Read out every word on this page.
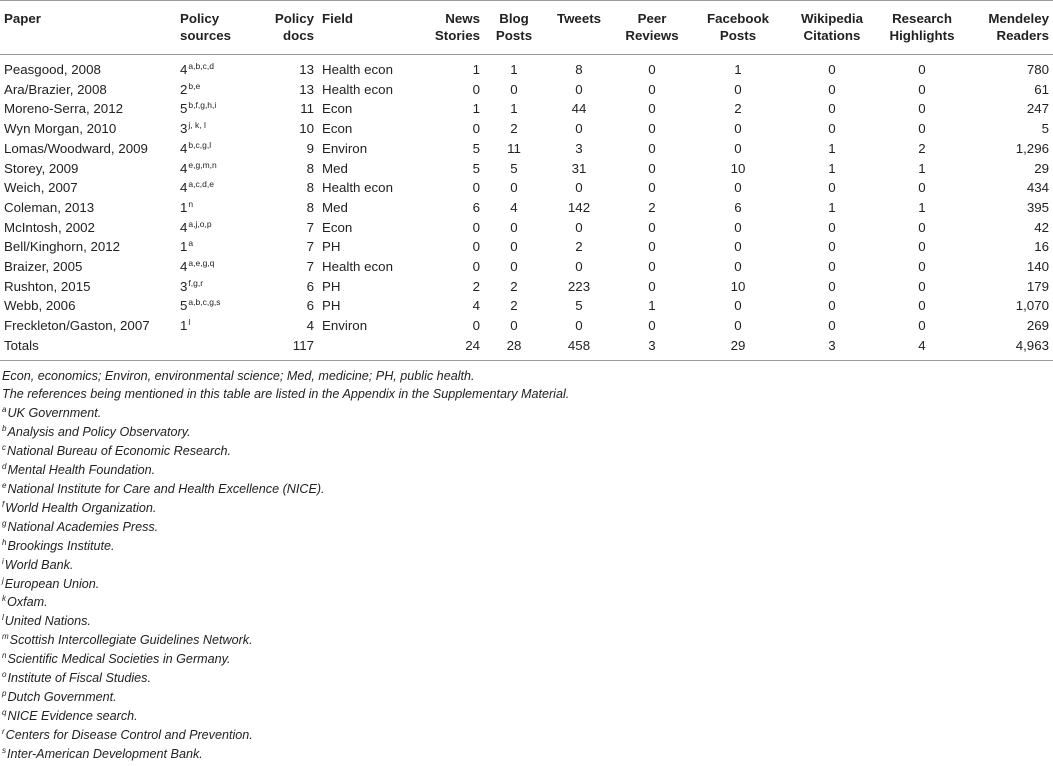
Paper	Policy sources	Policy docs	Field	News Stories	Blog Posts	Tweets	Peer Reviews	Facebook Posts	Wikipedia Citations	Research Highlights	Mendeley Readers
Peasgood, 2008	4$^{a,b,c,d}$	13	Health econ	1	1	8	0	1	0	0	780
Ara/Brazier, 2008	2$^{b,e}$	13	Health econ	0	0	0	0	0	0	0	61
Moreno-Serra, 2012	5$^{b,f,g,h,i}$	11	Econ	1	1	44	0	2	0	0	247
Wyn Morgan, 2010	3$^{j, k, l}$	10	Econ	0	2	0	0	0	0	0	5
Lomas/Woodward, 2009	4$^{b,c,g,l}$	9	Environ	5	11	3	0	0	1	2	1,296
Storey, 2009	4$^{e,g,m,n}$	8	Med	5	5	31	0	10	1	1	29
Weich, 2007	4$^{a,c,d,e}$	8	Health econ	0	0	0	0	0	0	0	434
Coleman, 2013	1$^n$	8	Med	6	4	142	2	6	1	1	395
McIntosh, 2002	4$^{a,j,o,p}$	7	Econ	0	0	0	0	0	0	0	42
Bell/Kinghorn, 2012	1$^a$	7	PH	0	0	2	0	0	0	0	16
Braizer, 2005	4$^{a,e,g,q}$	7	Health econ	0	0	0	0	0	0	0	140
Rushton, 2015	3$^{f,g,r}$	6	PH	2	2	223	0	10	0	0	179
Webb, 2006	5$^{a,b,c,g,s}$	6	PH	4	2	5	1	0	0	0	1,070
Freckleton/Gaston, 2007	1$^l$	4	Environ	0	0	0	0	0	0	0	269
Totals		117		24	28	458	3	29	3	4	4,963
Econ, economics; Environ, environmental science; Med, medicine; PH, public health.
The references being mentioned in this table are listed in the Appendix in the Supplementary Material.
$^a$UK Government.
$^b$Analysis and Policy Observatory.
$^c$National Bureau of Economic Research.
$^d$Mental Health Foundation.
$^e$National Institute for Care and Health Excellence (NICE).
$^f$World Health Organization.
$^g$National Academies Press.
$^h$Brookings Institute.
$^i$World Bank.
$^j$European Union.
$^k$Oxfam.
$^l$United Nations.
$^m$Scottish Intercollegiate Guidelines Network.
$^n$Scientific Medical Societies in Germany.
$^o$Institute of Fiscal Studies.
$^p$Dutch Government.
$^q$NICE Evidence search.
$^r$Centers for Disease Control and Prevention.
$^s$Inter-American Development Bank.
